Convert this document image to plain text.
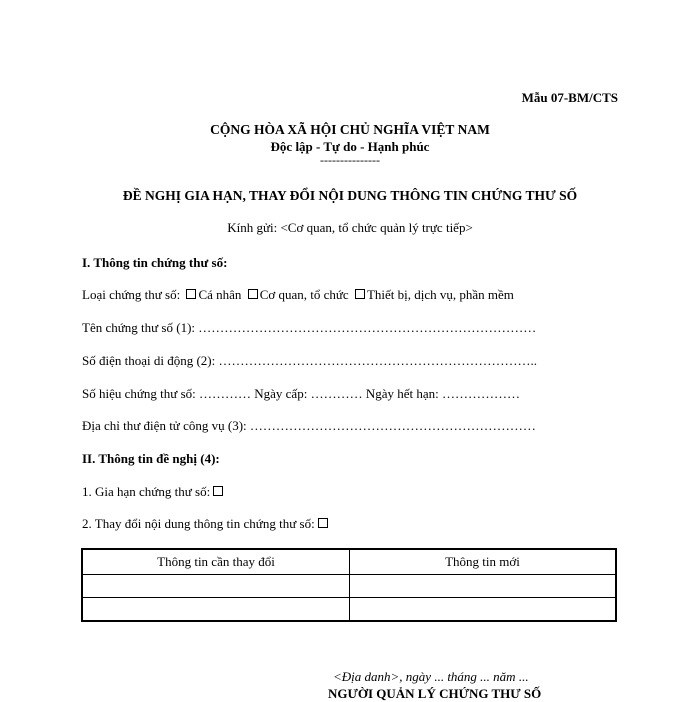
Mẫu 07-BM/CTS
CỘNG HÒA XÃ HỘI CHỦ NGHĨA VIỆT NAM
Độc lập - Tự do - Hạnh phúc
---------------
ĐỀ NGHỊ GIA HẠN, THAY ĐỔI NỘI DUNG THÔNG TIN CHỨNG THƯ SỐ
Kính gửi: <Cơ quan, tổ chức quản lý trực tiếp>
I. Thông tin chứng thư số:
Loại chứng thư số: Cá nhân Cơ quan, tổ chức Thiết bị, dịch vụ, phần mềm
Tên chứng thư số (1): ……………………………………………………………………
Số điện thoại di động (2): ………………………………………………………………..
Số hiệu chứng thư số: ………… Ngày cấp: ………… Ngày hết hạn: ………………
Địa chỉ thư điện tử công vụ (3): …………………………………………………………
II. Thông tin đề nghị (4):
1. Gia hạn chứng thư số:
2. Thay đổi nội dung thông tin chứng thư số:
Thông tin cần thay đổi	Thông tin mới

<Địa danh>, ngày ... tháng ... năm ...
NGƯỜI QUẢN LÝ CHỨNG THƯ SỐ
